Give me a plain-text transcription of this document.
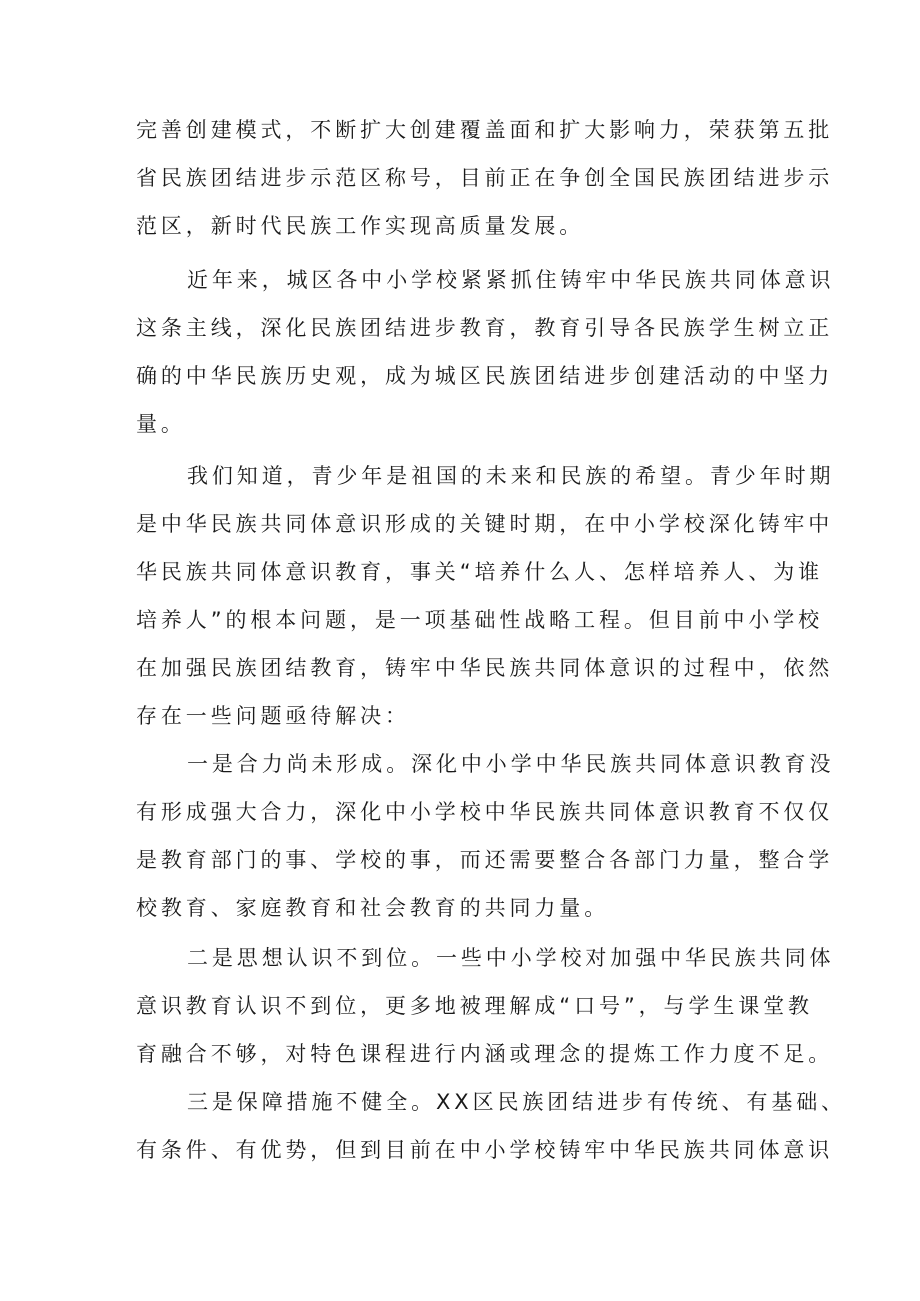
完善创建模式，不断扩大创建覆盖面和扩大影响力，荣获第五批
省民族团结进步示范区称号，目前正在争创全国民族团结进步示
范区，新时代民族工作实现高质量发展。
近年来，城区各中小学校紧紧抓住铸牢中华民族共同体意识
这条主线，深化民族团结进步教育，教育引导各民族学生树立正
确的中华民族历史观，成为城区民族团结进步创建活动的中坚力
量。
我们知道，青少年是祖国的未来和民族的希望。青少年时期
是中华民族共同体意识形成的关键时期，在中小学校深化铸牢中
华民族共同体意识教育，事关“培养什么人、怎样培养人、为谁
培养人”的根本问题，是一项基础性战略工程。但目前中小学校
在加强民族团结教育，铸牢中华民族共同体意识的过程中，依然
存在一些问题亟待解决：
一是合力尚未形成。深化中小学中华民族共同体意识教育没
有形成强大合力，深化中小学校中华民族共同体意识教育不仅仅
是教育部门的事、学校的事，而还需要整合各部门力量，整合学
校教育、家庭教育和社会教育的共同力量。
二是思想认识不到位。一些中小学校对加强中华民族共同体
意识教育认识不到位，更多地被理解成“口号”，与学生课堂教
育融合不够，对特色课程进行内涵或理念的提炼工作力度不足。
三是保障措施不健全。XX区民族团结进步有传统、有基础、
有条件、有优势，但到目前在中小学校铸牢中华民族共同体意识
